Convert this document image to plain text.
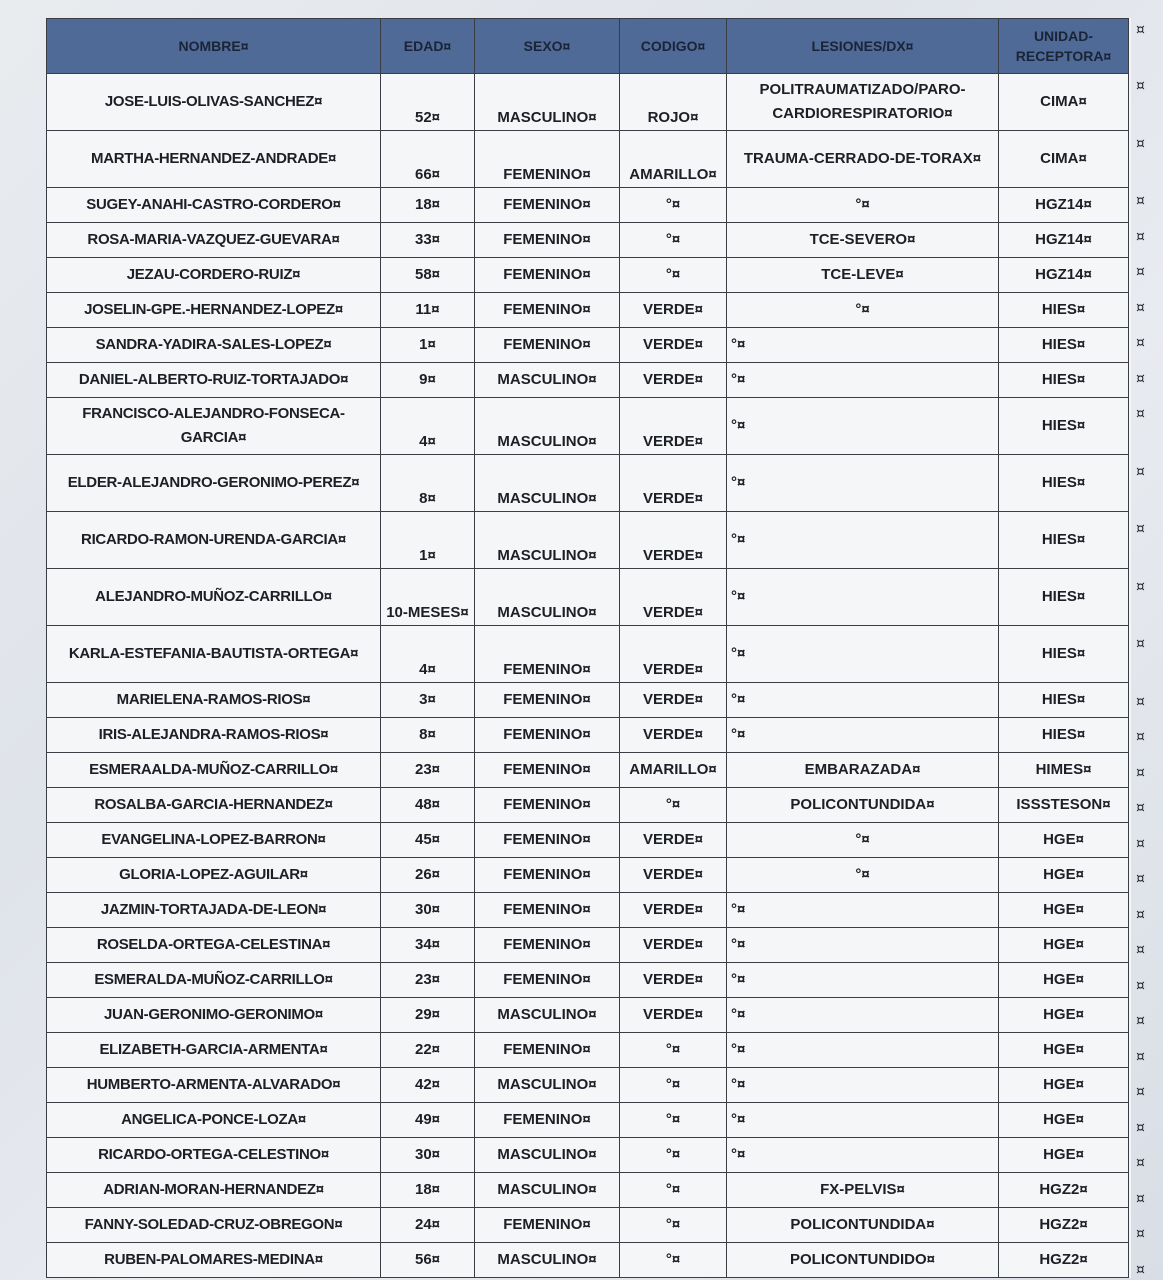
NOMBRE¤	EDAD¤	SEXO¤	CODIGO¤	LESIONES/DX¤	UNIDAD-
RECEPTORA¤
JOSE-LUIS-OLIVAS-SANCHEZ¤	52¤	MASCULINO¤	ROJO¤	POLITRAUMATIZADO/PARO-CARDIORESPIRATORIO¤	CIMA¤
MARTHA-HERNANDEZ-ANDRADE¤	66¤	FEMENINO¤	AMARILLO¤	TRAUMA-CERRADO-DE-TORAX¤	CIMA¤
SUGEY-ANAHI-CASTRO-CORDERO¤	18¤	FEMENINO¤	°¤	°¤	HGZ14¤
ROSA-MARIA-VAZQUEZ-GUEVARA¤	33¤	FEMENINO¤	°¤	TCE-SEVERO¤	HGZ14¤
JEZAU-CORDERO-RUIZ¤	58¤	FEMENINO¤	°¤	TCE-LEVE¤	HGZ14¤
JOSELIN-GPE.-HERNANDEZ-LOPEZ¤	11¤	FEMENINO¤	VERDE¤	°¤	HIES¤
SANDRA-YADIRA-SALES-LOPEZ¤	1¤	FEMENINO¤	VERDE¤	°¤	HIES¤
DANIEL-ALBERTO-RUIZ-TORTAJADO¤	9¤	MASCULINO¤	VERDE¤	°¤	HIES¤
FRANCISCO-ALEJANDRO-FONSECA-GARCIA¤	4¤	MASCULINO¤	VERDE¤	°¤	HIES¤
ELDER-ALEJANDRO-GERONIMO-PEREZ¤	8¤	MASCULINO¤	VERDE¤	°¤	HIES¤
RICARDO-RAMON-URENDA-GARCIA¤	1¤	MASCULINO¤	VERDE¤	°¤	HIES¤
ALEJANDRO-MUÑOZ-CARRILLO¤	10-MESES¤	MASCULINO¤	VERDE¤	°¤	HIES¤
KARLA-ESTEFANIA-BAUTISTA-ORTEGA¤	4¤	FEMENINO¤	VERDE¤	°¤	HIES¤
MARIELENA-RAMOS-RIOS¤	3¤	FEMENINO¤	VERDE¤	°¤	HIES¤
IRIS-ALEJANDRA-RAMOS-RIOS¤	8¤	FEMENINO¤	VERDE¤	°¤	HIES¤
ESMERAALDA-MUÑOZ-CARRILLO¤	23¤	FEMENINO¤	AMARILLO¤	EMBARAZADA¤	HIMES¤
ROSALBA-GARCIA-HERNANDEZ¤	48¤	FEMENINO¤	°¤	POLICONTUNDIDA¤	ISSSTESON¤
EVANGELINA-LOPEZ-BARRON¤	45¤	FEMENINO¤	VERDE¤	°¤	HGE¤
GLORIA-LOPEZ-AGUILAR¤	26¤	FEMENINO¤	VERDE¤	°¤	HGE¤
JAZMIN-TORTAJADA-DE-LEON¤	30¤	FEMENINO¤	VERDE¤	°¤	HGE¤
ROSELDA-ORTEGA-CELESTINA¤	34¤	FEMENINO¤	VERDE¤	°¤	HGE¤
ESMERALDA-MUÑOZ-CARRILLO¤	23¤	FEMENINO¤	VERDE¤	°¤	HGE¤
JUAN-GERONIMO-GERONIMO¤	29¤	MASCULINO¤	VERDE¤	°¤	HGE¤
ELIZABETH-GARCIA-ARMENTA¤	22¤	FEMENINO¤	°¤	°¤	HGE¤
HUMBERTO-ARMENTA-ALVARADO¤	42¤	MASCULINO¤	°¤	°¤	HGE¤
ANGELICA-PONCE-LOZA¤	49¤	FEMENINO¤	°¤	°¤	HGE¤
RICARDO-ORTEGA-CELESTINO¤	30¤	MASCULINO¤	°¤	°¤	HGE¤
ADRIAN-MORAN-HERNANDEZ¤	18¤	MASCULINO¤	°¤	FX-PELVIS¤	HGZ2¤
FANNY-SOLEDAD-CRUZ-OBREGON¤	24¤	FEMENINO¤	°¤	POLICONTUNDIDA¤	HGZ2¤
RUBEN-PALOMARES-MEDINA¤	56¤	MASCULINO¤	°¤	POLICONTUNDIDO¤	HGZ2¤
¤
¤
¤
¤
¤
¤
¤
¤
¤
¤
¤
¤
¤
¤
¤
¤
¤
¤
¤
¤
¤
¤
¤
¤
¤
¤
¤
¤
¤
¤
¤
